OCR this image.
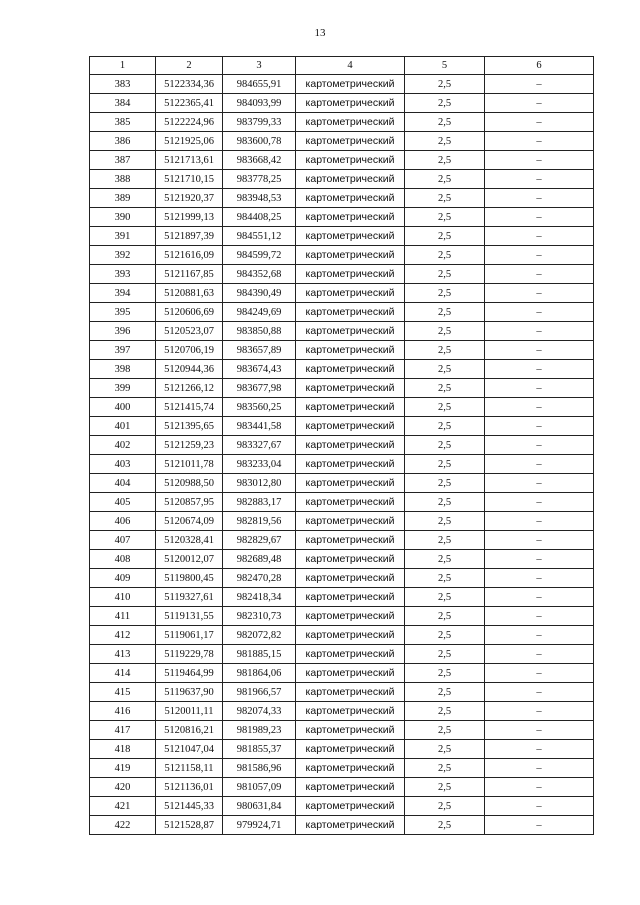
13
1	2	3	4	5	6
383	5122334,36	984655,91	картометрический	2,5	–
384	5122365,41	984093,99	картометрический	2,5	–
385	5122224,96	983799,33	картометрический	2,5	–
386	5121925,06	983600,78	картометрический	2,5	–
387	5121713,61	983668,42	картометрический	2,5	–
388	5121710,15	983778,25	картометрический	2,5	–
389	5121920,37	983948,53	картометрический	2,5	–
390	5121999,13	984408,25	картометрический	2,5	–
391	5121897,39	984551,12	картометрический	2,5	–
392	5121616,09	984599,72	картометрический	2,5	–
393	5121167,85	984352,68	картометрический	2,5	–
394	5120881,63	984390,49	картометрический	2,5	–
395	5120606,69	984249,69	картометрический	2,5	–
396	5120523,07	983850,88	картометрический	2,5	–
397	5120706,19	983657,89	картометрический	2,5	–
398	5120944,36	983674,43	картометрический	2,5	–
399	5121266,12	983677,98	картометрический	2,5	–
400	5121415,74	983560,25	картометрический	2,5	–
401	5121395,65	983441,58	картометрический	2,5	–
402	5121259,23	983327,67	картометрический	2,5	–
403	5121011,78	983233,04	картометрический	2,5	–
404	5120988,50	983012,80	картометрический	2,5	–
405	5120857,95	982883,17	картометрический	2,5	–
406	5120674,09	982819,56	картометрический	2,5	–
407	5120328,41	982829,67	картометрический	2,5	–
408	5120012,07	982689,48	картометрический	2,5	–
409	5119800,45	982470,28	картометрический	2,5	–
410	5119327,61	982418,34	картометрический	2,5	–
411	5119131,55	982310,73	картометрический	2,5	–
412	5119061,17	982072,82	картометрический	2,5	–
413	5119229,78	981885,15	картометрический	2,5	–
414	5119464,99	981864,06	картометрический	2,5	–
415	5119637,90	981966,57	картометрический	2,5	–
416	5120011,11	982074,33	картометрический	2,5	–
417	5120816,21	981989,23	картометрический	2,5	–
418	5121047,04	981855,37	картометрический	2,5	–
419	5121158,11	981586,96	картометрический	2,5	–
420	5121136,01	981057,09	картометрический	2,5	–
421	5121445,33	980631,84	картометрический	2,5	–
422	5121528,87	979924,71	картометрический	2,5	–
